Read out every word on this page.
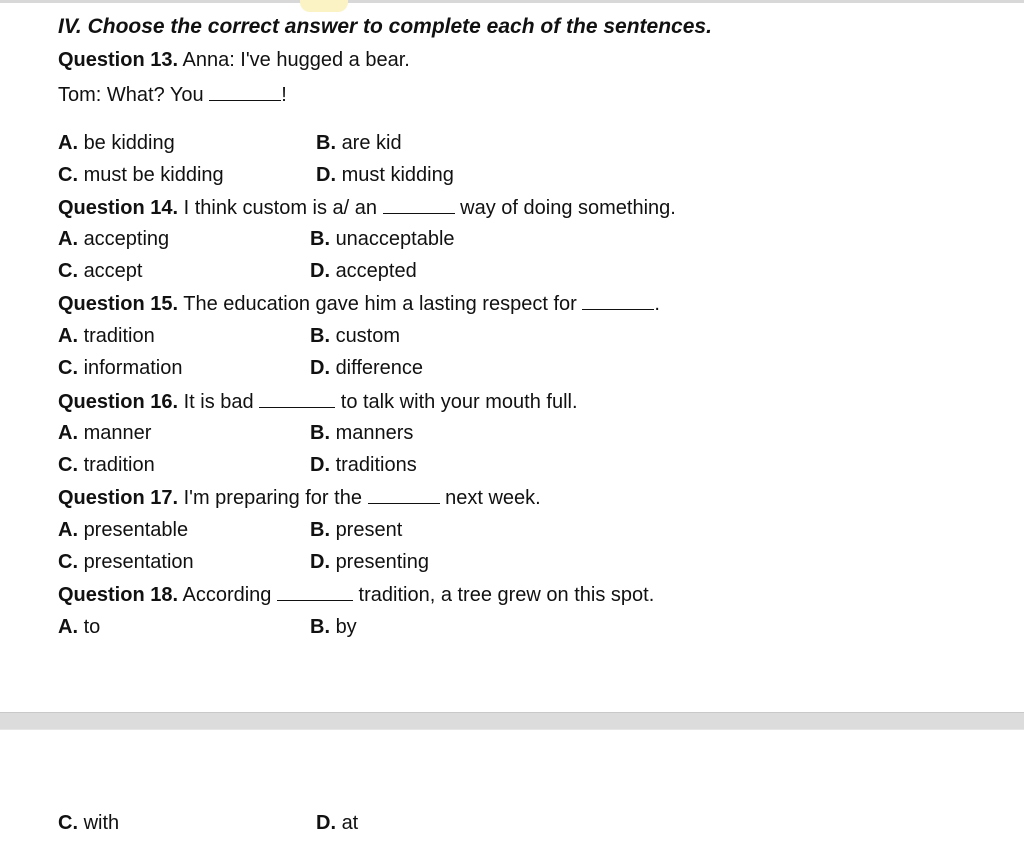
IV. Choose the correct answer to complete each of the sentences.
Question 13. Anna: I've hugged a bear.
Tom: What? You	!
A. be kidding	B. are kid
C. must be kidding	D. must kidding
Question 14. I think custom is a/ an	way of doing something.
A. accepting	B. unacceptable
C. accept	D. accepted
Question 15. The education gave him a lasting respect for	.
A. tradition	B. custom
C. information	D. difference
Question 16. It is bad	to talk with your mouth full.
A. manner	B. manners
C. tradition	D. traditions
Question 17. I'm preparing for the	next week.
A. presentable	B. present
C. presentation	D. presenting
Question 18. According	tradition, a tree grew on this spot.
A. to	B. by
C. with	D. at
